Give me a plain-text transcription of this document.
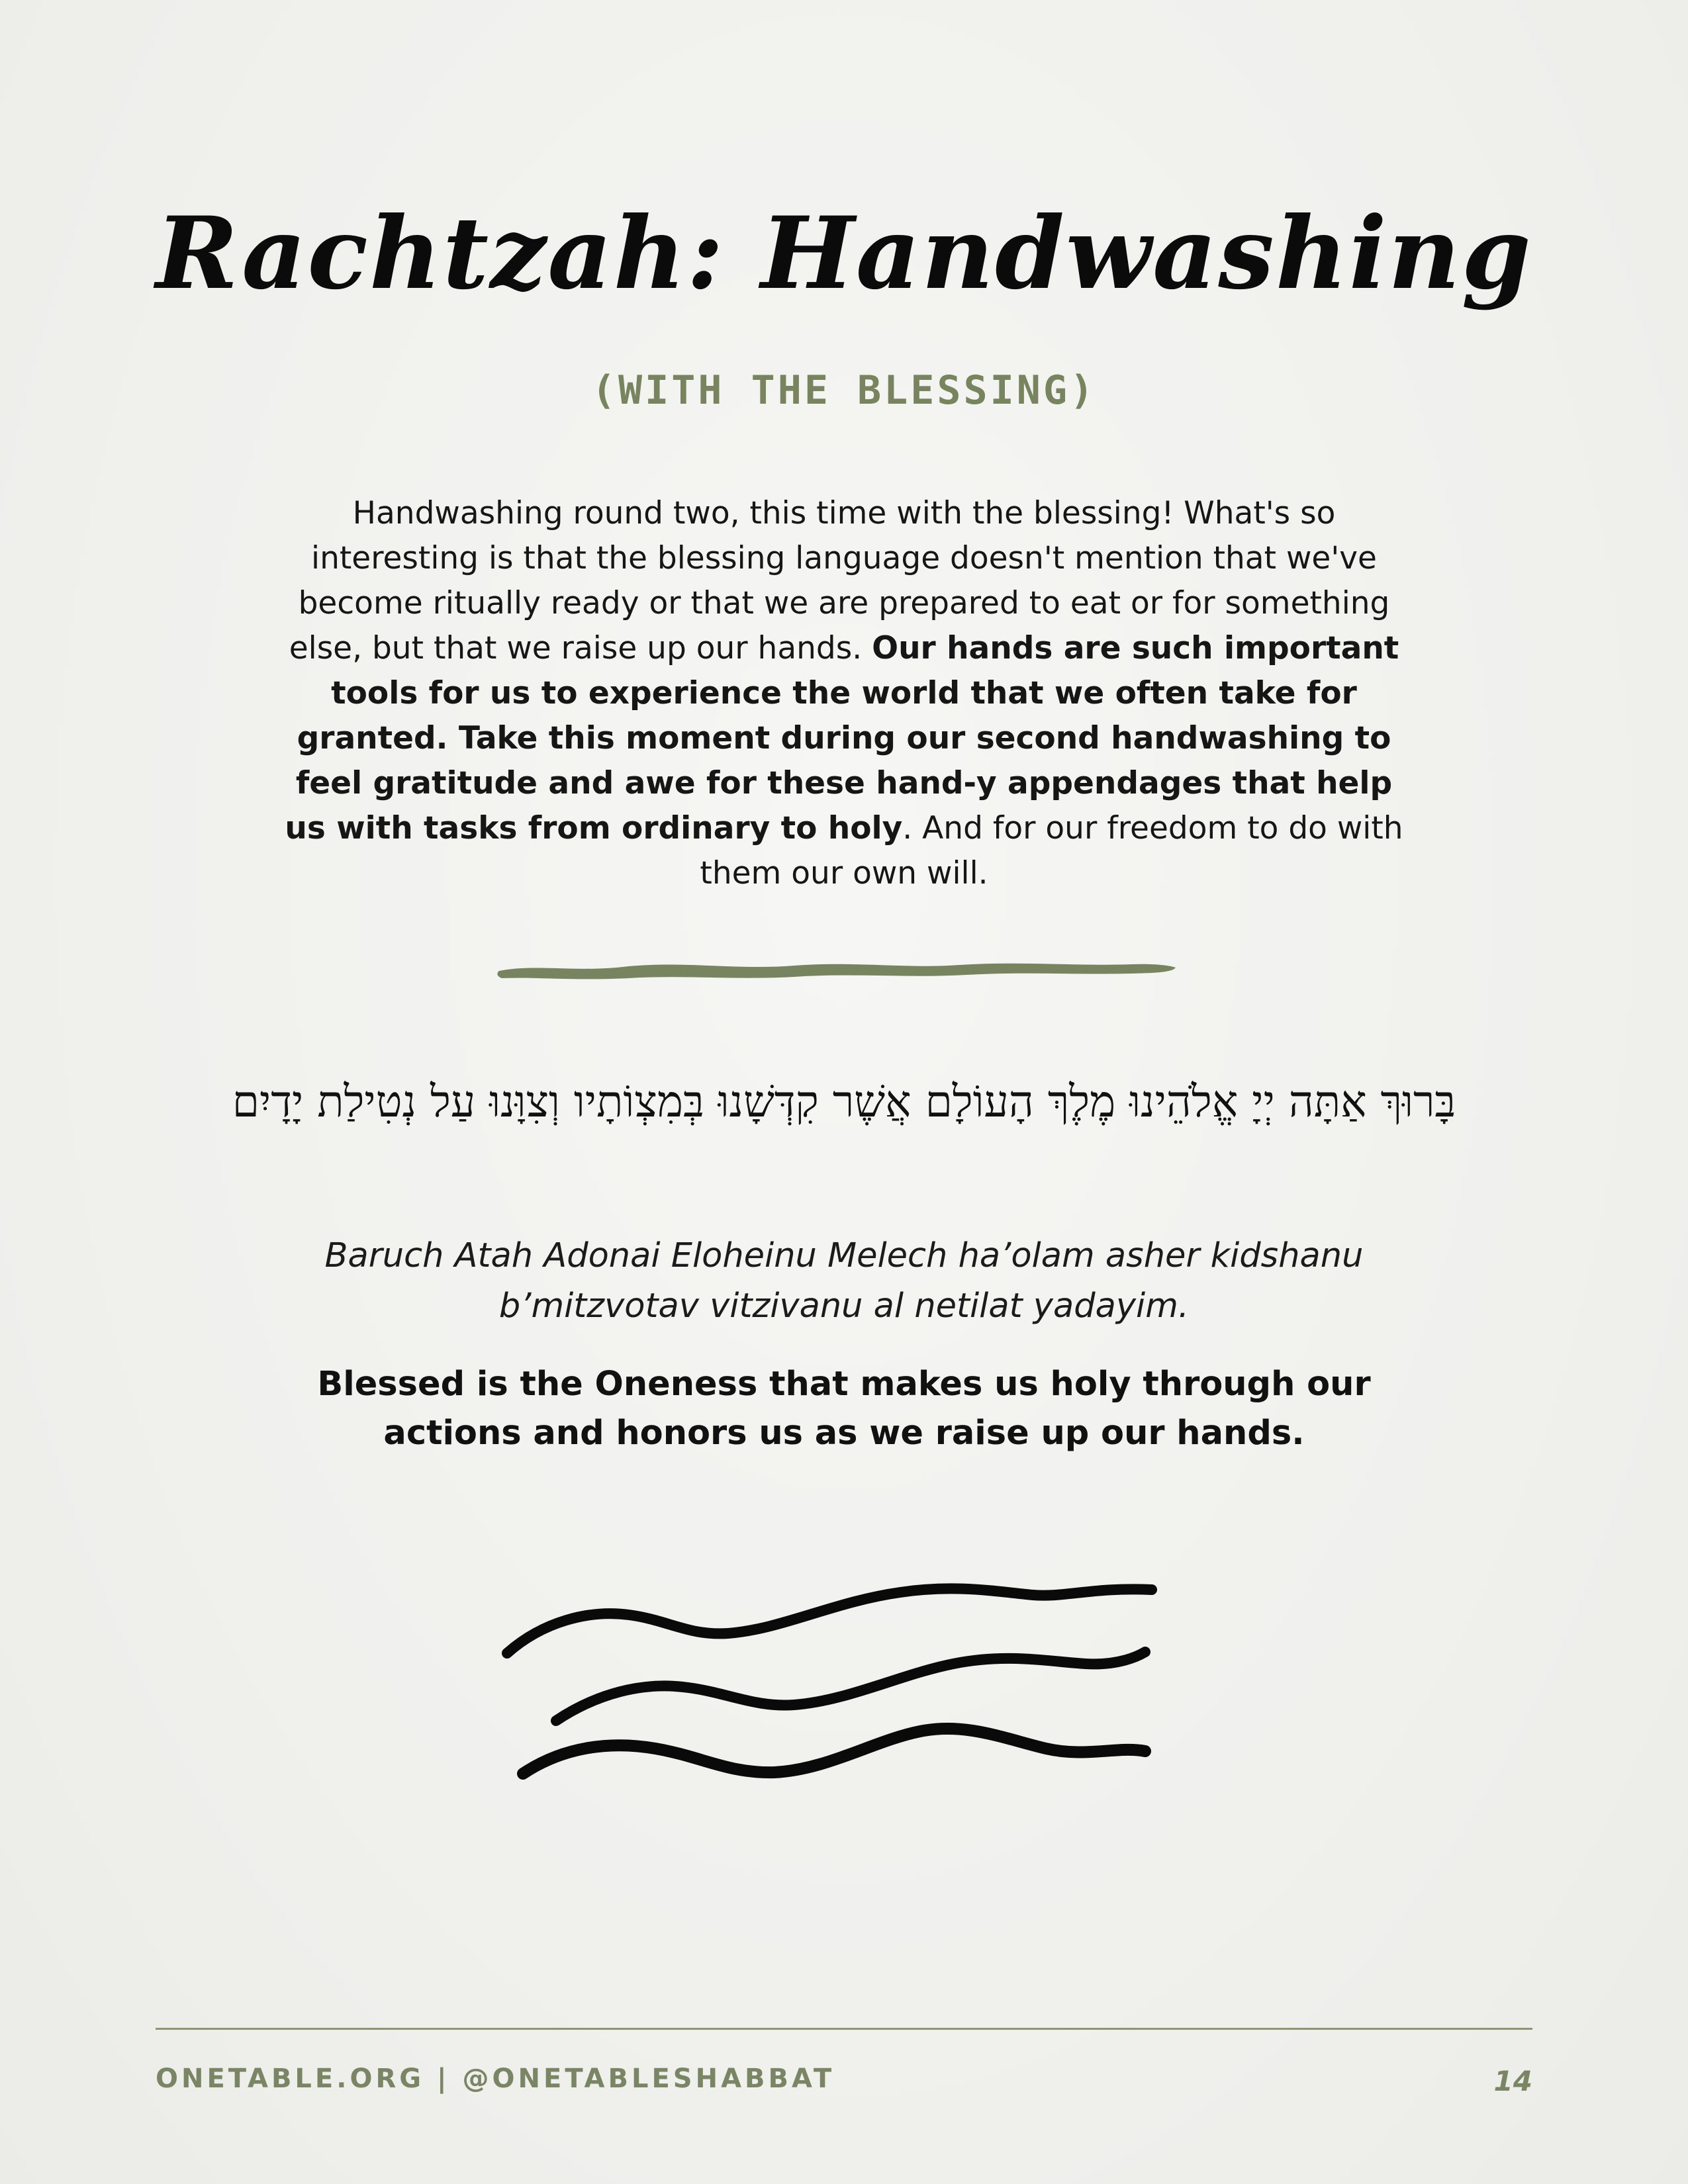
Rachtzah: Handwashing
(WITH THE BLESSING)

Handwashing round two, this time with the blessing! What's so interesting is that the blessing language doesn't mention that we've become ritually ready or that we are prepared to eat or for something else, but that we raise up our hands. Our hands are such important tools for us to experience the world that we often take for granted. Take this moment during our second handwashing to feel gratitude and awe for these hand-y appendages that help us with tasks from ordinary to holy. And for our freedom to do with them our own will.

בָּרוּךְ אַתָּה יְיָ אֱלֹהֵינוּ מֶלֶךְ הָעוֹלָם אֲשֶׁר קִדְּשָׁנוּ בְּמִצְוֹתָיו וְצִוָּנוּ עַל נְטִילַת יָדָיִם

Baruch Atah Adonai Eloheinu Melech ha’olam asher kidshanu b’mitzvotav vitzivanu al netilat yadayim.

Blessed is the Oneness that makes us holy through our actions and honors us as we raise up our hands.

ONETABLE.ORG | @ONETABLESHABBAT	14
